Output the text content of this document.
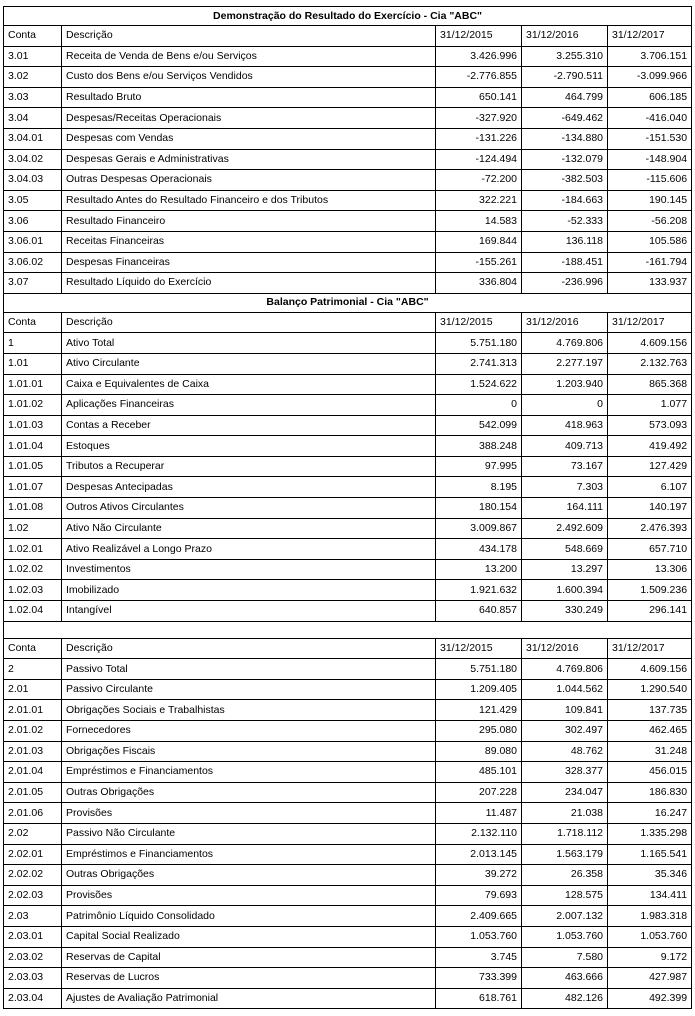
Demonstração do Resultado do Exercício - Cia "ABC"				
Conta	Descrição	31/12/2015	31/12/2016	31/12/2017
3.01	Receita de Venda de Bens e/ou Serviços	3.426.996	3.255.310	3.706.151
3.02	Custo dos Bens e/ou Serviços Vendidos	-2.776.855	-2.790.511	-3.099.966
3.03	Resultado Bruto	650.141	464.799	606.185
3.04	Despesas/Receitas Operacionais	-327.920	-649.462	-416.040
3.04.01	Despesas com Vendas	-131.226	-134.880	-151.530
3.04.02	Despesas Gerais e Administrativas	-124.494	-132.079	-148.904
3.04.03	Outras Despesas Operacionais	-72.200	-382.503	-115.606
3.05	Resultado Antes do Resultado Financeiro e dos Tributos	322.221	-184.663	190.145
3.06	Resultado Financeiro	14.583	-52.333	-56.208
3.06.01	Receitas Financeiras	169.844	136.118	105.586
3.06.02	Despesas Financeiras	-155.261	-188.451	-161.794
3.07	Resultado Líquido do Exercício	336.804	-236.996	133.937
Balanço Patrimonial - Cia "ABC"				
Conta	Descrição	31/12/2015	31/12/2016	31/12/2017
1	Ativo Total	5.751.180	4.769.806	4.609.156
1.01	Ativo Circulante	2.741.313	2.277.197	2.132.763
1.01.01	Caixa e Equivalentes de Caixa	1.524.622	1.203.940	865.368
1.01.02	Aplicações Financeiras	0	0	1.077
1.01.03	Contas a Receber	542.099	418.963	573.093
1.01.04	Estoques	388.248	409.713	419.492
1.01.05	Tributos a Recuperar	97.995	73.167	127.429
1.01.07	Despesas Antecipadas	8.195	7.303	6.107
1.01.08	Outros Ativos Circulantes	180.154	164.111	140.197
1.02	Ativo Não Circulante	3.009.867	2.492.609	2.476.393
1.02.01	Ativo Realizável a Longo Prazo	434.178	548.669	657.710
1.02.02	Investimentos	13.200	13.297	13.306
1.02.03	Imobilizado	1.921.632	1.600.394	1.509.236
1.02.04	Intangível	640.857	330.249	296.141

Conta	Descrição	31/12/2015	31/12/2016	31/12/2017
2	Passivo Total	5.751.180	4.769.806	4.609.156
2.01	Passivo Circulante	1.209.405	1.044.562	1.290.540
2.01.01	Obrigações Sociais e Trabalhistas	121.429	109.841	137.735
2.01.02	Fornecedores	295.080	302.497	462.465
2.01.03	Obrigações Fiscais	89.080	48.762	31.248
2.01.04	Empréstimos e Financiamentos	485.101	328.377	456.015
2.01.05	Outras Obrigações	207.228	234.047	186.830
2.01.06	Provisões	11.487	21.038	16.247
2.02	Passivo Não Circulante	2.132.110	1.718.112	1.335.298
2.02.01	Empréstimos e Financiamentos	2.013.145	1.563.179	1.165.541
2.02.02	Outras Obrigações	39.272	26.358	35.346
2.02.03	Provisões	79.693	128.575	134.411
2.03	Patrimônio Líquido Consolidado	2.409.665	2.007.132	1.983.318
2.03.01	Capital Social Realizado	1.053.760	1.053.760	1.053.760
2.03.02	Reservas de Capital	3.745	7.580	9.172
2.03.03	Reservas de Lucros	733.399	463.666	427.987
2.03.04	Ajustes de Avaliação Patrimonial	618.761	482.126	492.399
